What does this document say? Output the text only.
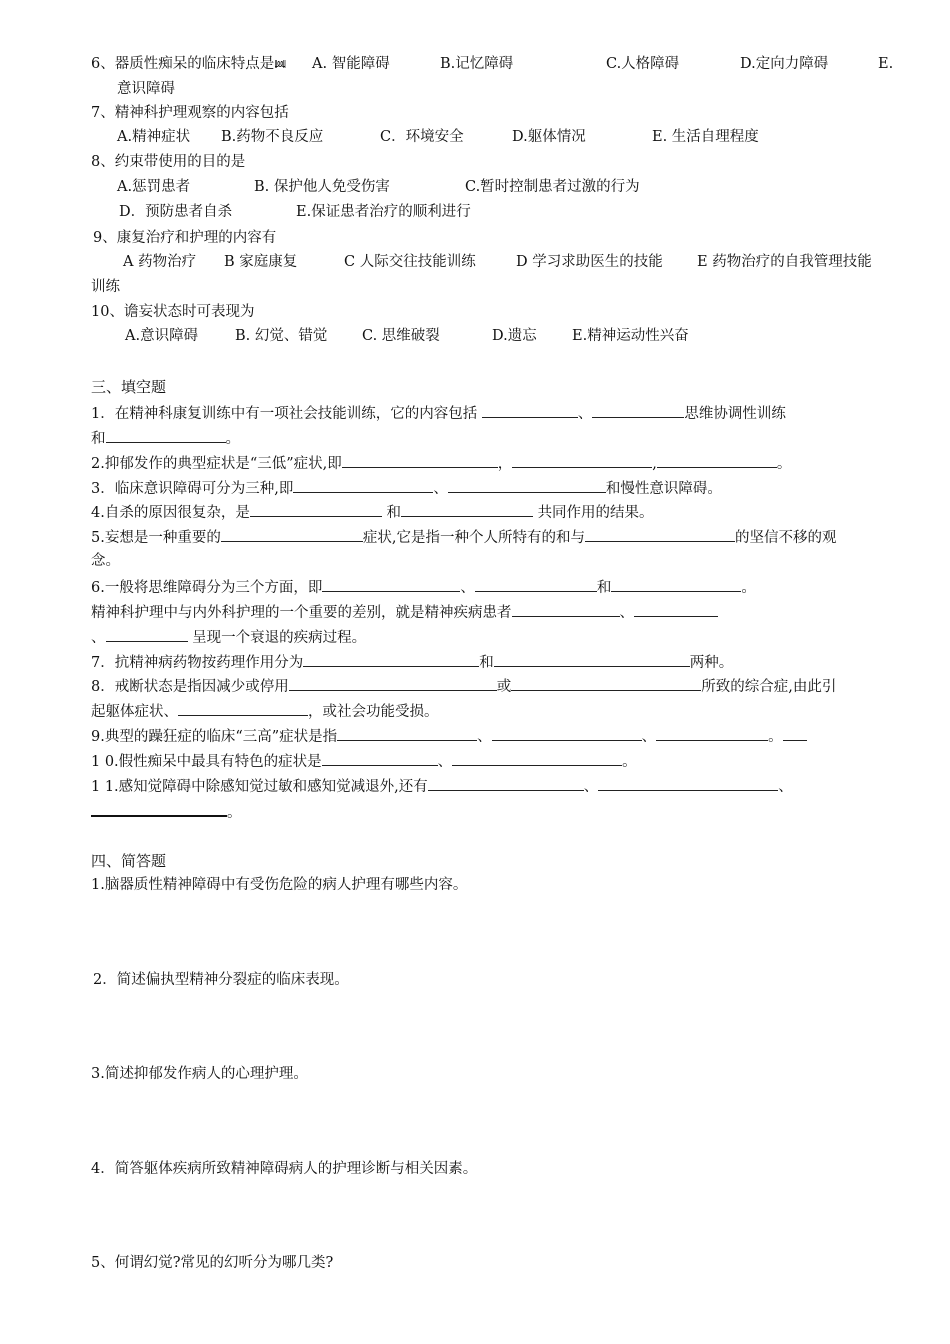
6、器质性痴呆的临床特点是ꔞ A. 智能障碍	B.记忆障碍	C.人格障碍	D.定向力障碍	E.
意识障碍
7、精神科护理观察的内容包括
A.精神症状 B.药物不良反应	C．环境安全	D.躯体情况	E. 生活自理程度
8、约束带使用的目的是
A.惩罚患者	B. 保护他人免受伤害	C.暂时控制患者过激的行为
D．预防患者自杀	E.保证患者治疗的顺利进行
9、康复治疗和护理的内容有
A 药物治疗 B 家庭康复	C 人际交往技能训练	D 学习求助医生的技能 E 药物治疗的自我管理技能
训练
10、谵妄状态时可表现为
A.意识障碍	B. 幻觉、错觉 C. 思维破裂	D.遗忘 E.精神运动性兴奋
三、填空题
1．在精神科康复训练中有一项社会技能训练，它的内容包括	、	思维协调性训练
和	。
2.抑郁发作的典型症状是“三低”症状,即	，	,	。
3．临床意识障碍可分为三种,即	、	和慢性意识障碍。
4.自杀的原因很复杂，是	和	共同作用的结果。
5.妄想是一种重要的	症状,它是指一种个人所特有的和与	的坚信不移的观
念。
6.一般将思维障碍分为三个方面，即	、	和	。
精神科护理中与内外科护理的一个重要的差别，就是精神疾病患者	、
、	呈现一个衰退的疾病过程。
7．抗精神病药物按药理作用分为	和	两种。
8．戒断状态是指因减少或停用	或	所致的综合症,由此引
起躯体症状、	，或社会功能受损。
9.典型的躁狂症的临床“三高”症状是指	、	、	。
1 0.假性痴呆中最具有特色的症状是	、	。
1 1.感知觉障碍中除感知觉过敏和感知觉减退外,还有	、	、
。
四、简答题
1.脑器质性精神障碍中有受伤危险的病人护理有哪些内容。
2．简述偏执型精神分裂症的临床表现。
3.简述抑郁发作病人的心理护理。
4．简答躯体疾病所致精神障碍病人的护理诊断与相关因素。
5、何谓幻觉?常见的幻听分为哪几类?
